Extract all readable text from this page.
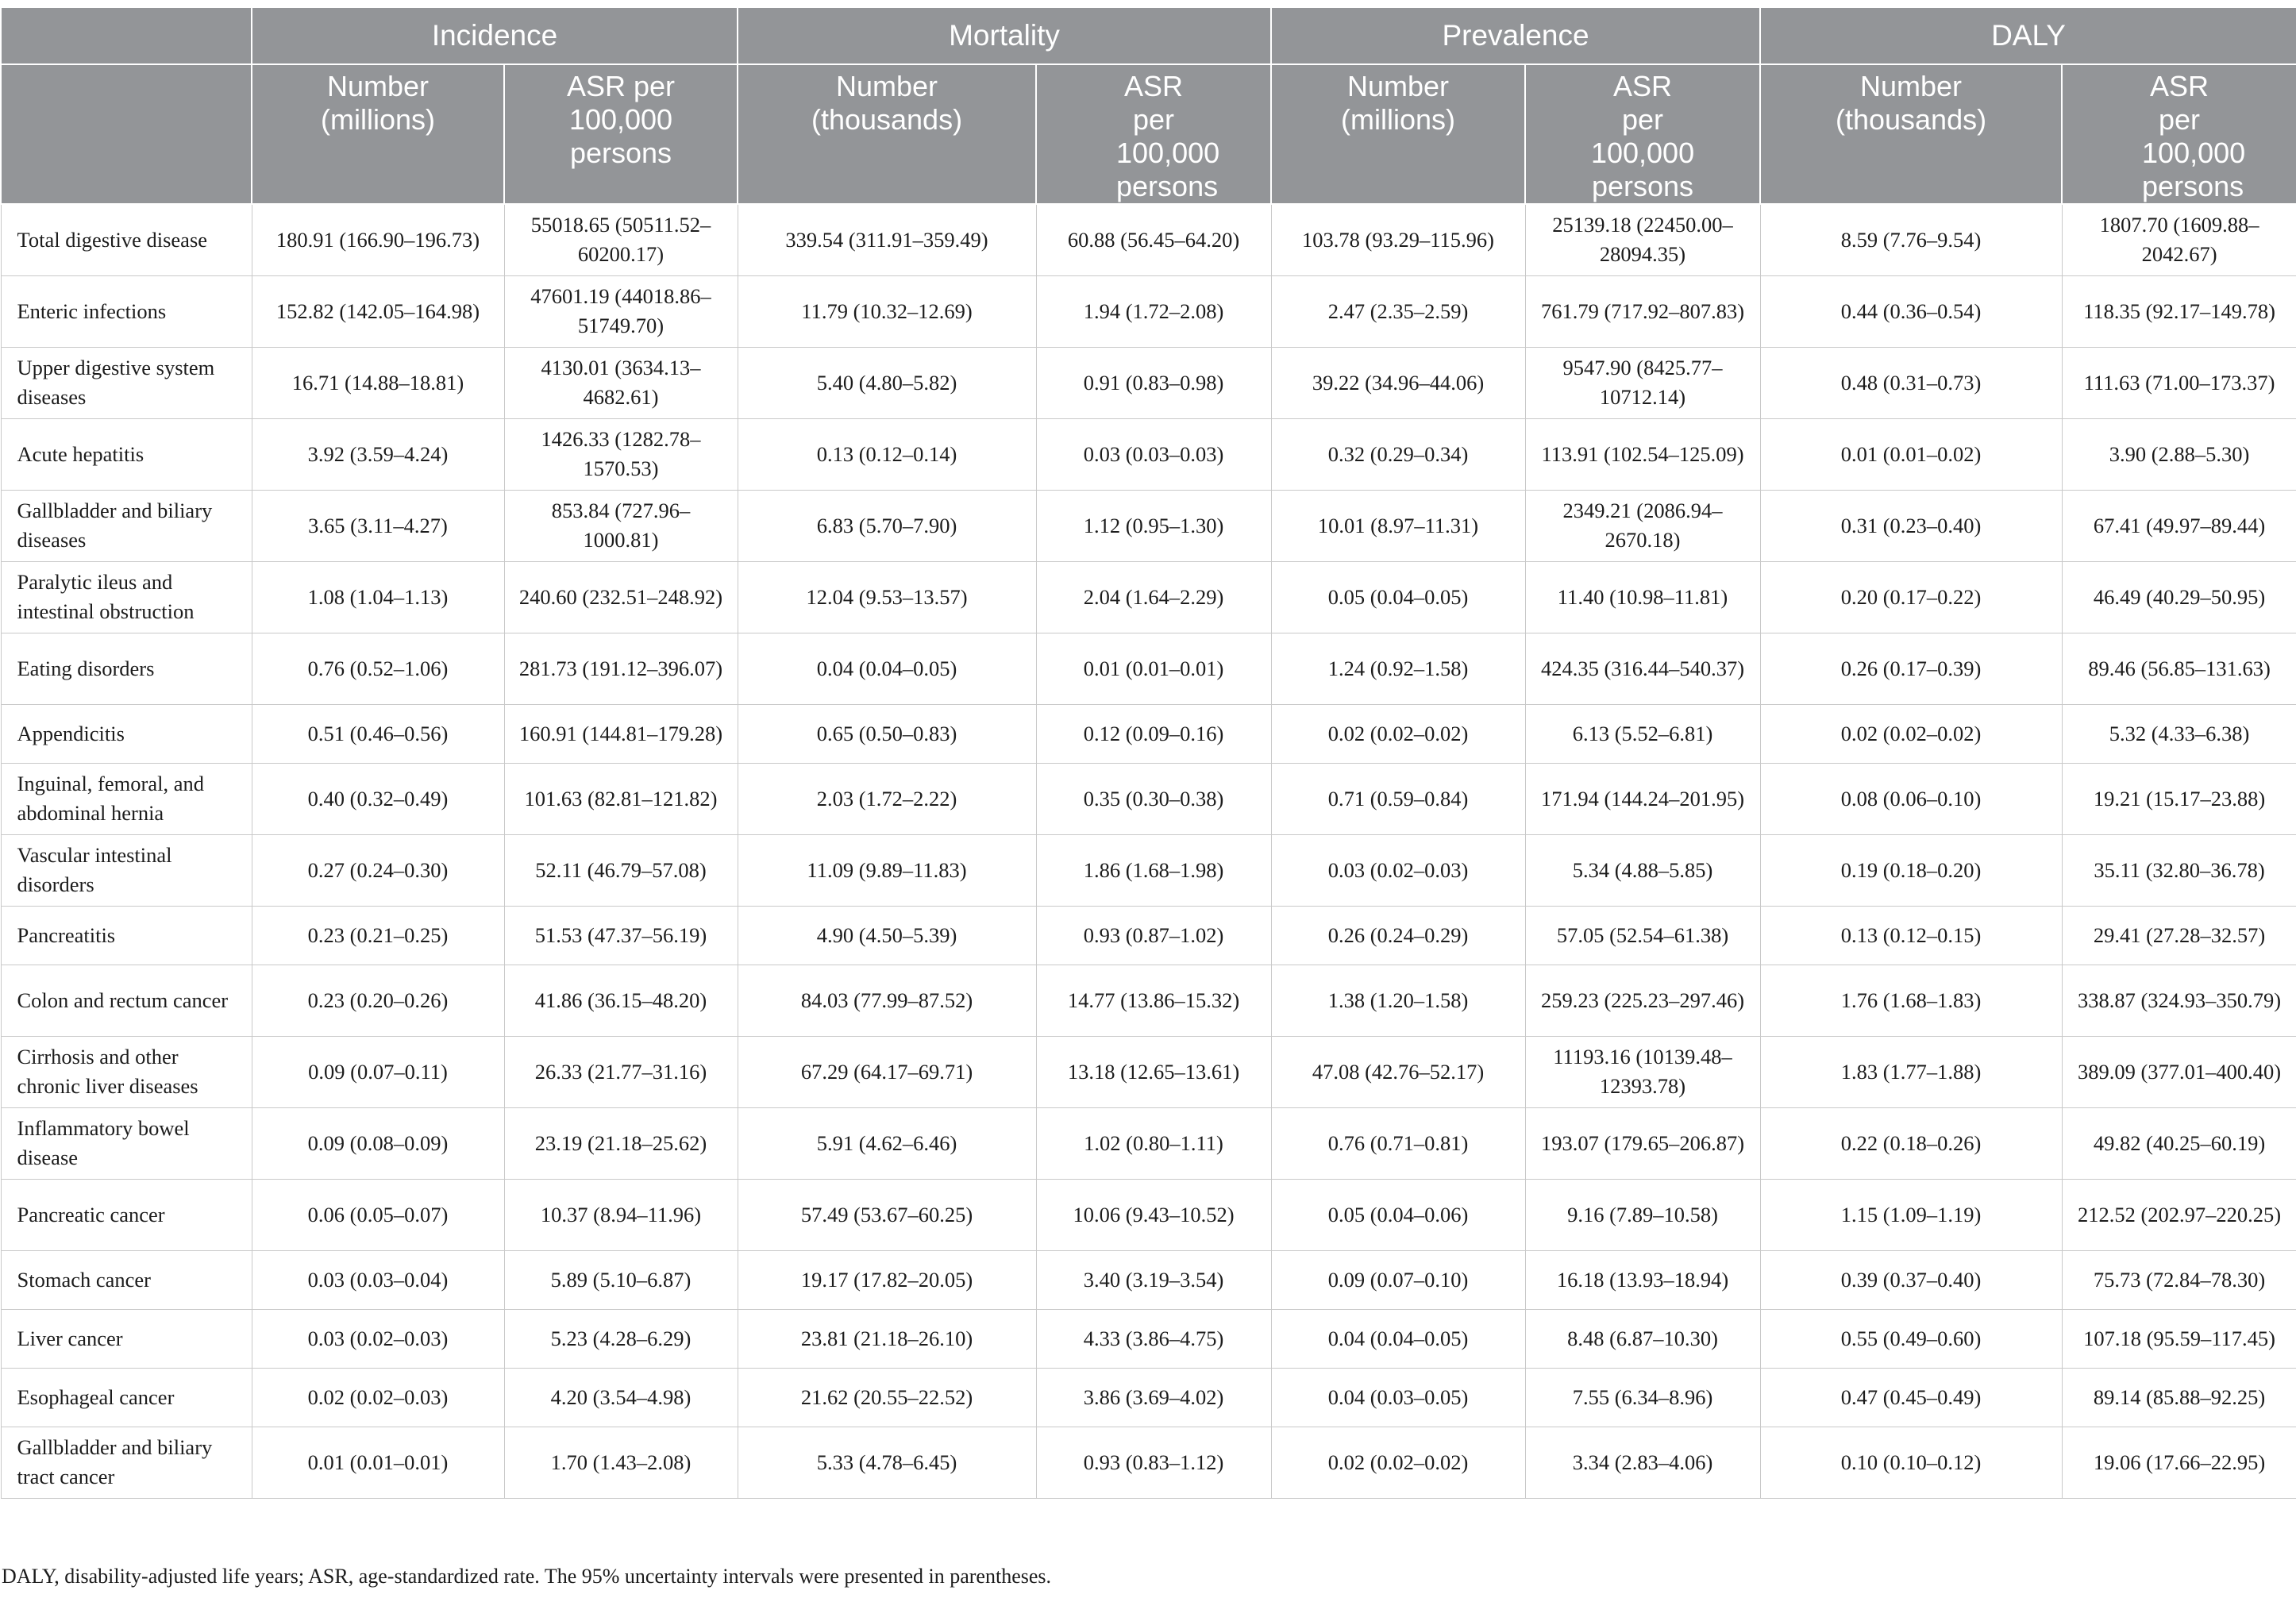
	Incidence		Mortality		Prevalence		DALY	
	Number (millions)	ASR per 100,000 persons	Number (thousands)	ASR per 100,000 persons	Number (millions)	ASR per 100,000 persons	Number (thousands)	ASR per 100,000 persons
Total digestive disease	180.91 (166.90–196.73)	55018.65 (50511.52–60200.17)	339.54 (311.91–359.49)	60.88 (56.45–64.20)	103.78 (93.29–115.96)	25139.18 (22450.00–28094.35)	8.59 (7.76–9.54)	1807.70 (1609.88–2042.67)
Enteric infections	152.82 (142.05–164.98)	47601.19 (44018.86–51749.70)	11.79 (10.32–12.69)	1.94 (1.72–2.08)	2.47 (2.35–2.59)	761.79 (717.92–807.83)	0.44 (0.36–0.54)	118.35 (92.17–149.78)
Upper digestive system diseases	16.71 (14.88–18.81)	4130.01 (3634.13–4682.61)	5.40 (4.80–5.82)	0.91 (0.83–0.98)	39.22 (34.96–44.06)	9547.90 (8425.77–10712.14)	0.48 (0.31–0.73)	111.63 (71.00–173.37)
Acute hepatitis	3.92 (3.59–4.24)	1426.33 (1282.78–1570.53)	0.13 (0.12–0.14)	0.03 (0.03–0.03)	0.32 (0.29–0.34)	113.91 (102.54–125.09)	0.01 (0.01–0.02)	3.90 (2.88–5.30)
Gallbladder and biliary diseases	3.65 (3.11–4.27)	853.84 (727.96–1000.81)	6.83 (5.70–7.90)	1.12 (0.95–1.30)	10.01 (8.97–11.31)	2349.21 (2086.94–2670.18)	0.31 (0.23–0.40)	67.41 (49.97–89.44)
Paralytic ileus and intestinal obstruction	1.08 (1.04–1.13)	240.60 (232.51–248.92)	12.04 (9.53–13.57)	2.04 (1.64–2.29)	0.05 (0.04–0.05)	11.40 (10.98–11.81)	0.20 (0.17–0.22)	46.49 (40.29–50.95)
Eating disorders	0.76 (0.52–1.06)	281.73 (191.12–396.07)	0.04 (0.04–0.05)	0.01 (0.01–0.01)	1.24 (0.92–1.58)	424.35 (316.44–540.37)	0.26 (0.17–0.39)	89.46 (56.85–131.63)
Appendicitis	0.51 (0.46–0.56)	160.91 (144.81–179.28)	0.65 (0.50–0.83)	0.12 (0.09–0.16)	0.02 (0.02–0.02)	6.13 (5.52–6.81)	0.02 (0.02–0.02)	5.32 (4.33–6.38)
Inguinal, femoral, and abdominal hernia	0.40 (0.32–0.49)	101.63 (82.81–121.82)	2.03 (1.72–2.22)	0.35 (0.30–0.38)	0.71 (0.59–0.84)	171.94 (144.24–201.95)	0.08 (0.06–0.10)	19.21 (15.17–23.88)
Vascular intestinal disorders	0.27 (0.24–0.30)	52.11 (46.79–57.08)	11.09 (9.89–11.83)	1.86 (1.68–1.98)	0.03 (0.02–0.03)	5.34 (4.88–5.85)	0.19 (0.18–0.20)	35.11 (32.80–36.78)
Pancreatitis	0.23 (0.21–0.25)	51.53 (47.37–56.19)	4.90 (4.50–5.39)	0.93 (0.87–1.02)	0.26 (0.24–0.29)	57.05 (52.54–61.38)	0.13 (0.12–0.15)	29.41 (27.28–32.57)
Colon and rectum cancer	0.23 (0.20–0.26)	41.86 (36.15–48.20)	84.03 (77.99–87.52)	14.77 (13.86–15.32)	1.38 (1.20–1.58)	259.23 (225.23–297.46)	1.76 (1.68–1.83)	338.87 (324.93–350.79)
Cirrhosis and other chronic liver diseases	0.09 (0.07–0.11)	26.33 (21.77–31.16)	67.29 (64.17–69.71)	13.18 (12.65–13.61)	47.08 (42.76–52.17)	11193.16 (10139.48–12393.78)	1.83 (1.77–1.88)	389.09 (377.01–400.40)
Inflammatory bowel disease	0.09 (0.08–0.09)	23.19 (21.18–25.62)	5.91 (4.62–6.46)	1.02 (0.80–1.11)	0.76 (0.71–0.81)	193.07 (179.65–206.87)	0.22 (0.18–0.26)	49.82 (40.25–60.19)
Pancreatic cancer	0.06 (0.05–0.07)	10.37 (8.94–11.96)	57.49 (53.67–60.25)	10.06 (9.43–10.52)	0.05 (0.04–0.06)	9.16 (7.89–10.58)	1.15 (1.09–1.19)	212.52 (202.97–220.25)
Stomach cancer	0.03 (0.03–0.04)	5.89 (5.10–6.87)	19.17 (17.82–20.05)	3.40 (3.19–3.54)	0.09 (0.07–0.10)	16.18 (13.93–18.94)	0.39 (0.37–0.40)	75.73 (72.84–78.30)
Liver cancer	0.03 (0.02–0.03)	5.23 (4.28–6.29)	23.81 (21.18–26.10)	4.33 (3.86–4.75)	0.04 (0.04–0.05)	8.48 (6.87–10.30)	0.55 (0.49–0.60)	107.18 (95.59–117.45)
Esophageal cancer	0.02 (0.02–0.03)	4.20 (3.54–4.98)	21.62 (20.55–22.52)	3.86 (3.69–4.02)	0.04 (0.03–0.05)	7.55 (6.34–8.96)	0.47 (0.45–0.49)	89.14 (85.88–92.25)
Gallbladder and biliary tract cancer	0.01 (0.01–0.01)	1.70 (1.43–2.08)	5.33 (4.78–6.45)	0.93 (0.83–1.12)	0.02 (0.02–0.02)	3.34 (2.83–4.06)	0.10 (0.10–0.12)	19.06 (17.66–22.95)
DALY, disability-adjusted life years; ASR, age-standardized rate. The 95% uncertainty intervals were presented in parentheses.
